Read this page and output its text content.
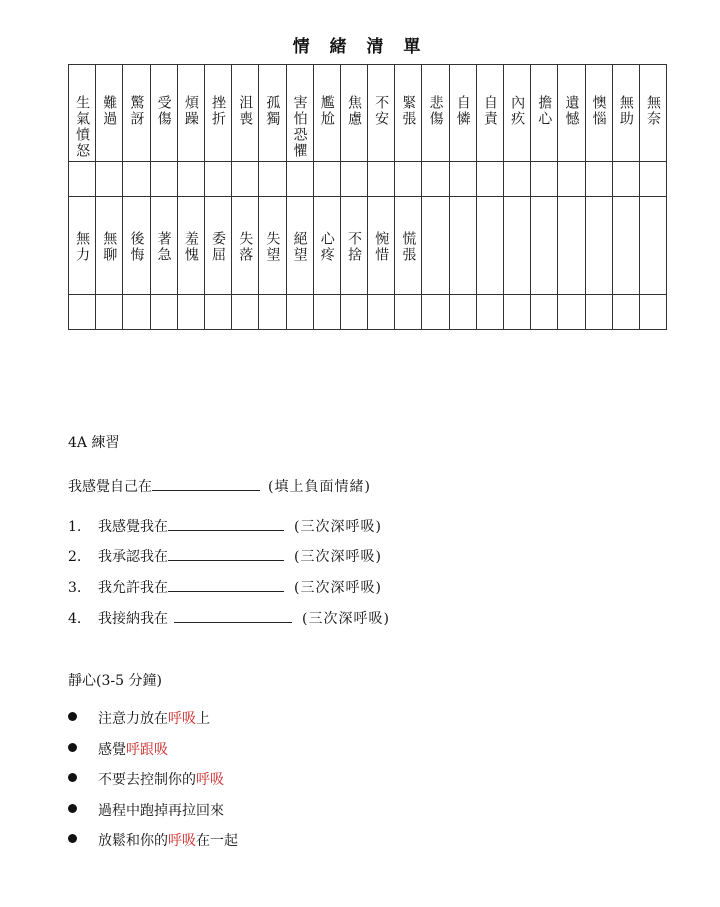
情 緒 清 單
生氣憤怒	難過	驚訝	受傷	煩躁	挫折	沮喪	孤獨	害怕恐懼	尷尬	焦慮	不安	緊張	悲傷	自憐	自責	內疚	擔心	遺憾	懊惱	無助	無奈

無力	無聊	後悔	著急	羞愧	委屈	失落	失望	絕望	心疼	不捨	惋惜	慌張									

4A 練習
我感覺自己在	(填上負面情緒)
1. 我感覺我在	(三次深呼吸)
2. 我承認我在	(三次深呼吸)
3. 我允許我在	(三次深呼吸)
4. 我接納我在	(三次深呼吸)
靜心(3-5 分鐘)
注意力放在呼吸上
感覺呼跟吸
不要去控制你的呼吸
過程中跑掉再拉回來
放鬆和你的呼吸在一起
